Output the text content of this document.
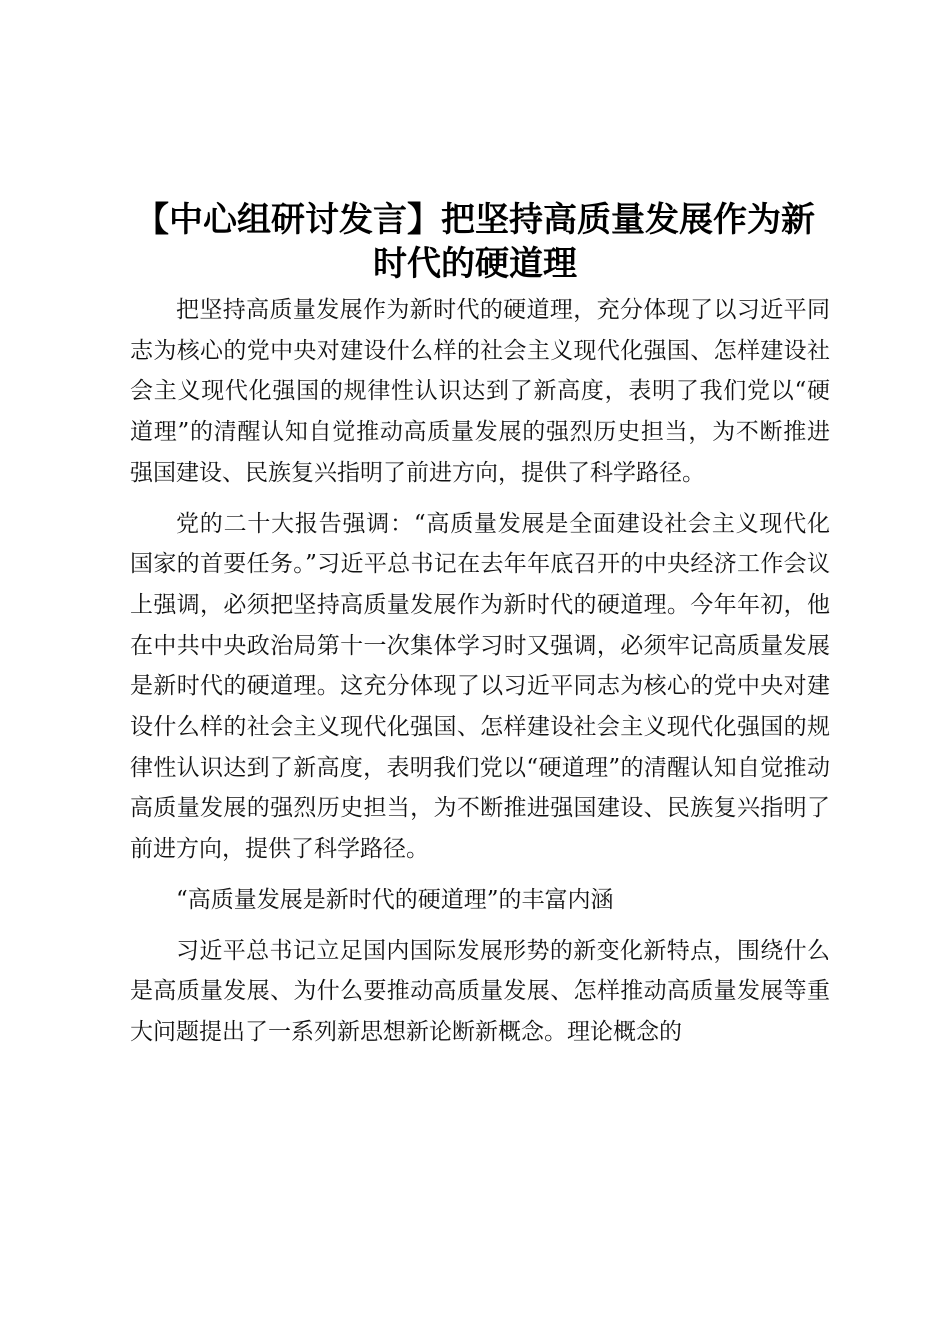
【中心组研讨发言】把坚持高质量发展作为新时代的硬道理

把坚持高质量发展作为新时代的硬道理，充分体现了以习近平同志为核心的党中央对建设什么样的社会主义现代化强国、怎样建设社会主义现代化强国的规律性认识达到了新高度，表明了我们党以“硬道理”的清醒认知自觉推动高质量发展的强烈历史担当，为不断推进强国建设、民族复兴指明了前进方向，提供了科学路径。

党的二十大报告强调：“高质量发展是全面建设社会主义现代化国家的首要任务。”习近平总书记在去年年底召开的中央经济工作会议上强调，必须把坚持高质量发展作为新时代的硬道理。今年年初，他在中共中央政治局第十一次集体学习时又强调，必须牢记高质量发展是新时代的硬道理。这充分体现了以习近平同志为核心的党中央对建设什么样的社会主义现代化强国、怎样建设社会主义现代化强国的规律性认识达到了新高度，表明我们党以“硬道理”的清醒认知自觉推动高质量发展的强烈历史担当，为不断推进强国建设、民族复兴指明了前进方向，提供了科学路径。

“高质量发展是新时代的硬道理”的丰富内涵

习近平总书记立足国内国际发展形势的新变化新特点，围绕什么是高质量发展、为什么要推动高质量发展、怎样推动高质量发展等重大问题提出了一系列新思想新论断新概念。理论概念的
